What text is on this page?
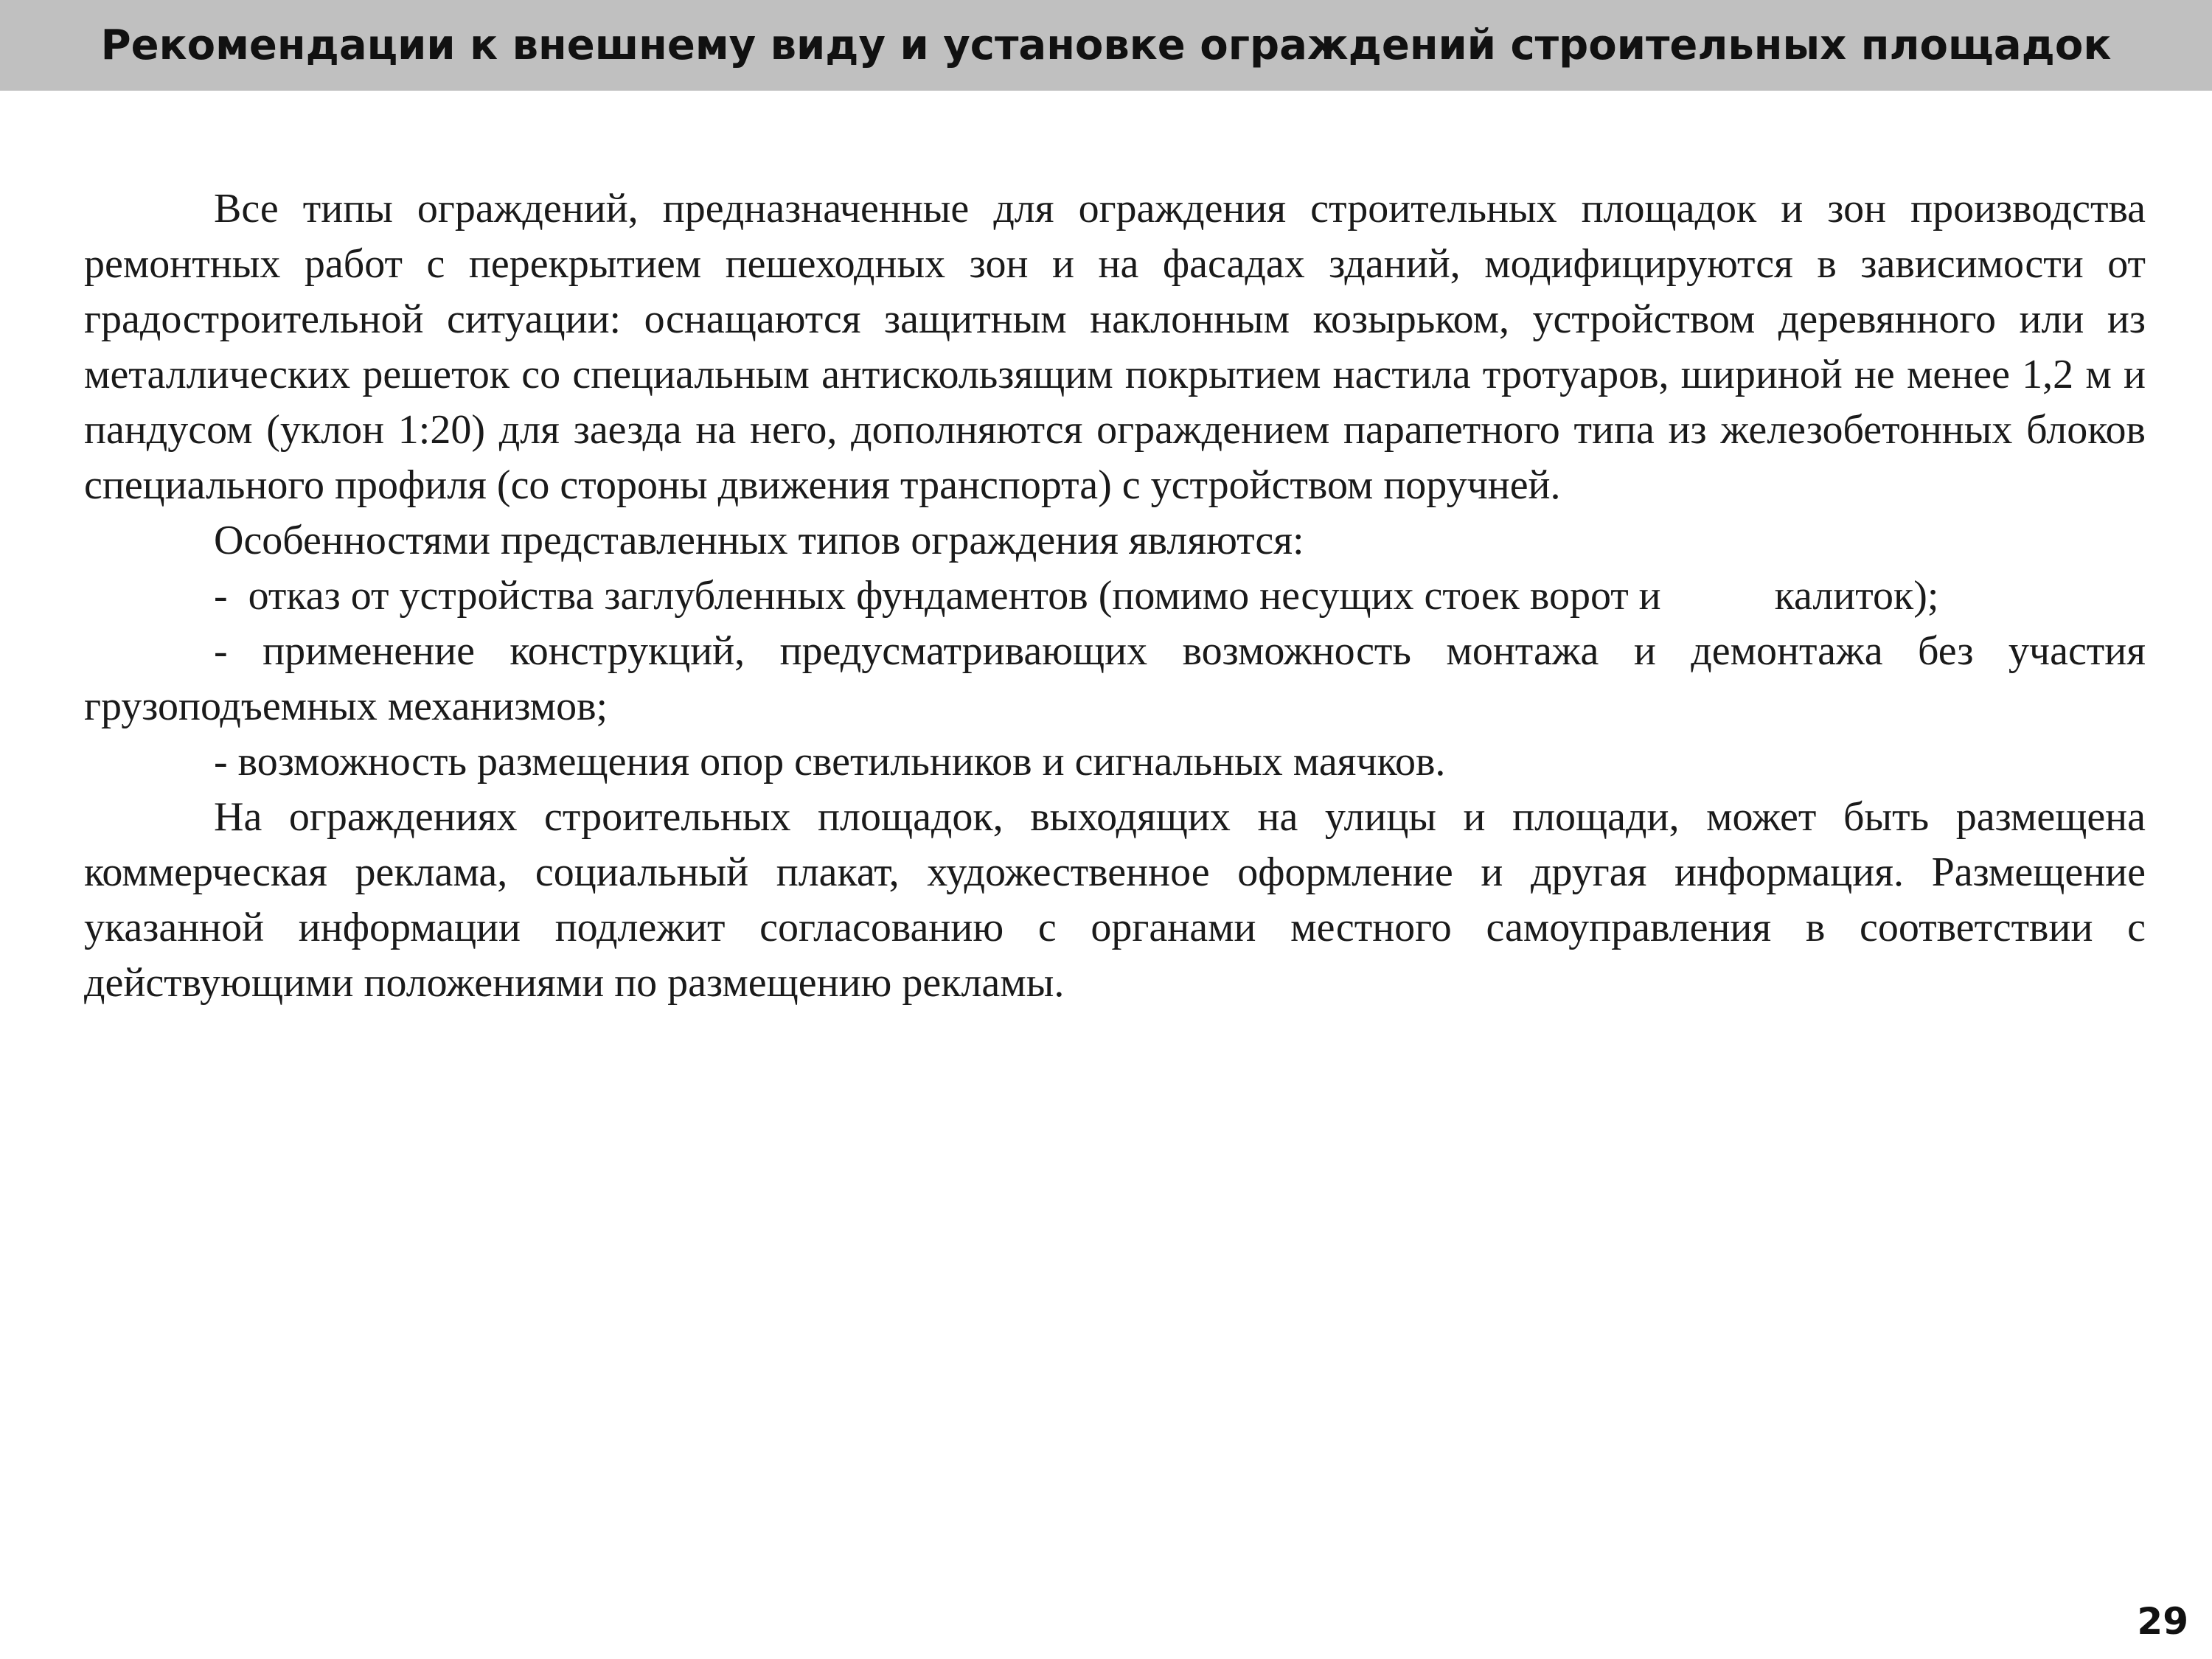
Рекомендации к внешнему виду и установке ограждений строительных площадок

Все типы ограждений, предназначенные для ограждения строительных площадок и зон производства ремонтных работ с перекрытием пешеходных зон и на фасадах зданий, модифицируются в зависимости от градостроительной ситуации: оснащаются защитным наклонным козырьком, устройством деревянного или из металлических решеток со специальным антискользящим покрытием настила тротуаров, шириной не менее 1,2 м и пандусом (уклон 1:20) для заезда на него, дополняются ограждением парапетного типа из железобетонных блоков специального профиля (со стороны движения транспорта) с устройством поручней.

Особенностями представленных типов ограждения являются:

-  отказ от устройства заглубленных фундаментов (помимо несущих стоек ворот и           калиток);

- применение конструкций, предусматривающих возможность монтажа и демонтажа без участия грузоподъемных механизмов;

- возможность размещения опор светильников и сигнальных маячков.

На ограждениях строительных площадок, выходящих на улицы и площади, может быть размещена коммерческая реклама, социальный плакат, художественное оформление и другая информация. Размещение указанной информации подлежит согласованию с органами местного самоуправления в соответствии с действующими положениями по размещению рекламы.

29
